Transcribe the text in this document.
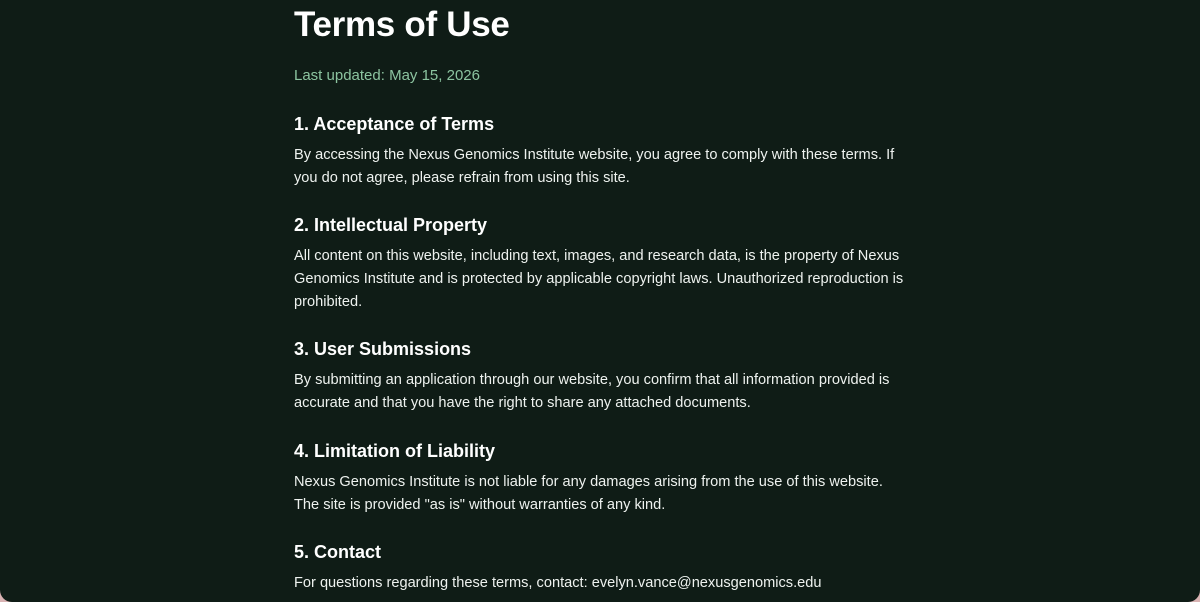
Terms of Use
Last updated: May 15, 2026
1. Acceptance of Terms

By accessing the Nexus Genomics Institute website, you agree to comply with these terms. If you do not agree, please refrain from using this site.

2. Intellectual Property

All content on this website, including text, images, and research data, is the property of Nexus Genomics Institute and is protected by applicable copyright laws. Unauthorized reproduction is prohibited.

3. User Submissions

By submitting an application through our website, you confirm that all information provided is accurate and that you have the right to share any attached documents.

4. Limitation of Liability

Nexus Genomics Institute is not liable for any damages arising from the use of this website. The site is provided "as is" without warranties of any kind.

5. Contact

For questions regarding these terms, contact: evelyn.vance@nexusgenomics.edu
